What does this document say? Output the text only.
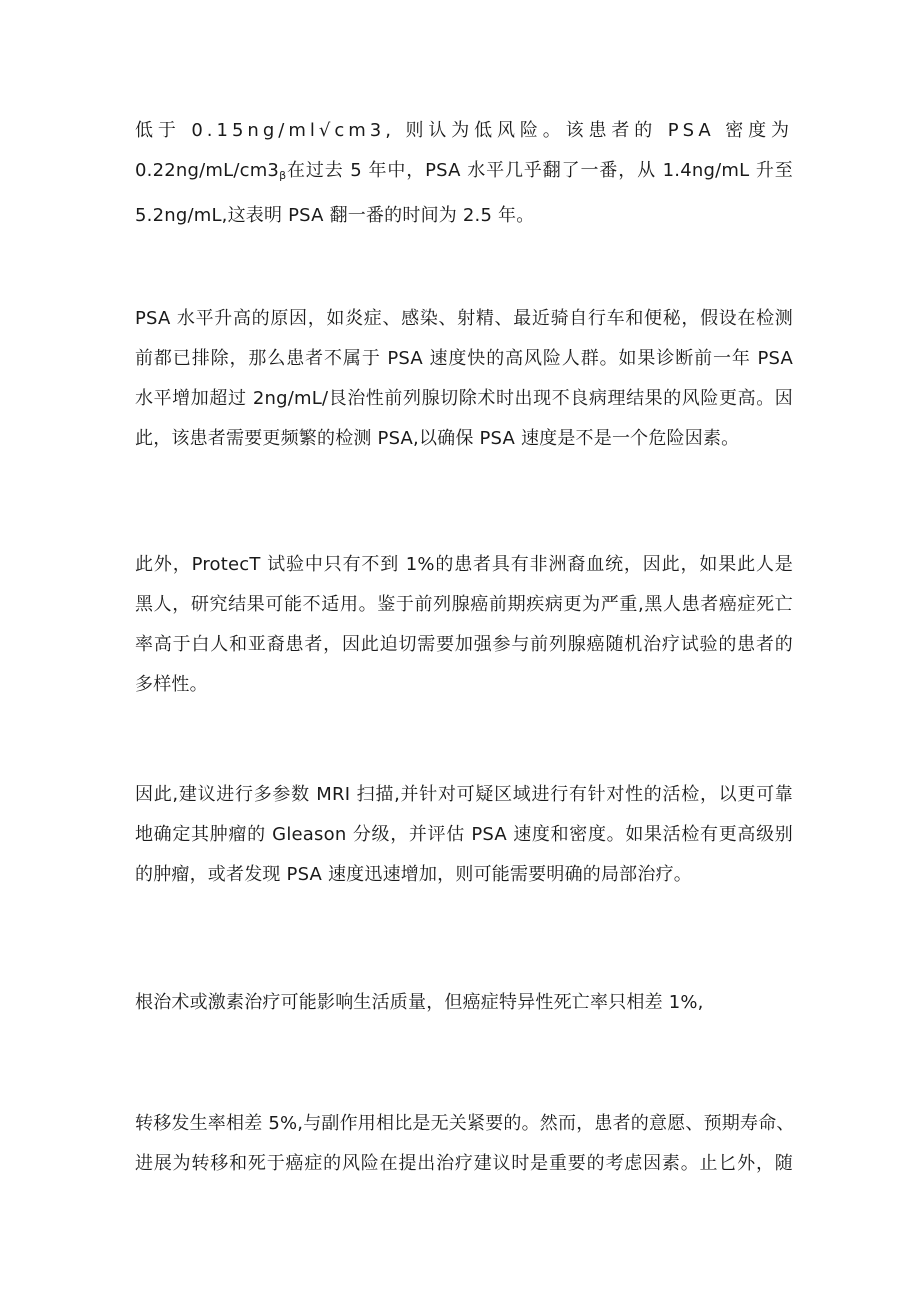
低于 0.15ng/ml√cm3, 则认为低风险。该患者的 PSA 密度为
$0.22ng/mL/cm3_\beta$在过去 5 年中，PSA 水平几乎翻了一番，从 1.4ng/mL 升至
5.2ng/mL,这表明 PSA 翻一番的时间为 2.5 年。

PSA 水平升高的原因，如炎症、感染、射精、最近骑自行车和便秘，假设在检测
前都已排除，那么患者不属于 PSA 速度快的高风险人群。如果诊断前一年 PSA
水平增加超过 2ng/mL/艮治性前列腺切除术时出现不良病理结果的风险更高。因
此，该患者需要更频繁的检测 PSA,以确保 PSA 速度是不是一个危险因素。

此外，ProtecT 试验中只有不到 1%的患者具有非洲裔血统，因此，如果此人是
黑人，研究结果可能不适用。鉴于前列腺癌前期疾病更为严重,黑人患者癌症死亡
率高于白人和亚裔患者，因此迫切需要加强参与前列腺癌随机治疗试验的患者的
多样性。

因此,建议进行多参数 MRI 扫描,并针对可疑区域进行有针对性的活检，以更可靠
地确定其肿瘤的 Gleason 分级，并评估 PSA 速度和密度。如果活检有更高级别
的肿瘤，或者发现 PSA 速度迅速增加，则可能需要明确的局部治疗。

根治术或激素治疗可能影响生活质量，但癌症特异性死亡率只相差 1%,

转移发生率相差 5%,与副作用相比是无关紧要的。然而，患者的意愿、预期寿命、
进展为转移和死于癌症的风险在提出治疗建议时是重要的考虑因素。止匕外，随
